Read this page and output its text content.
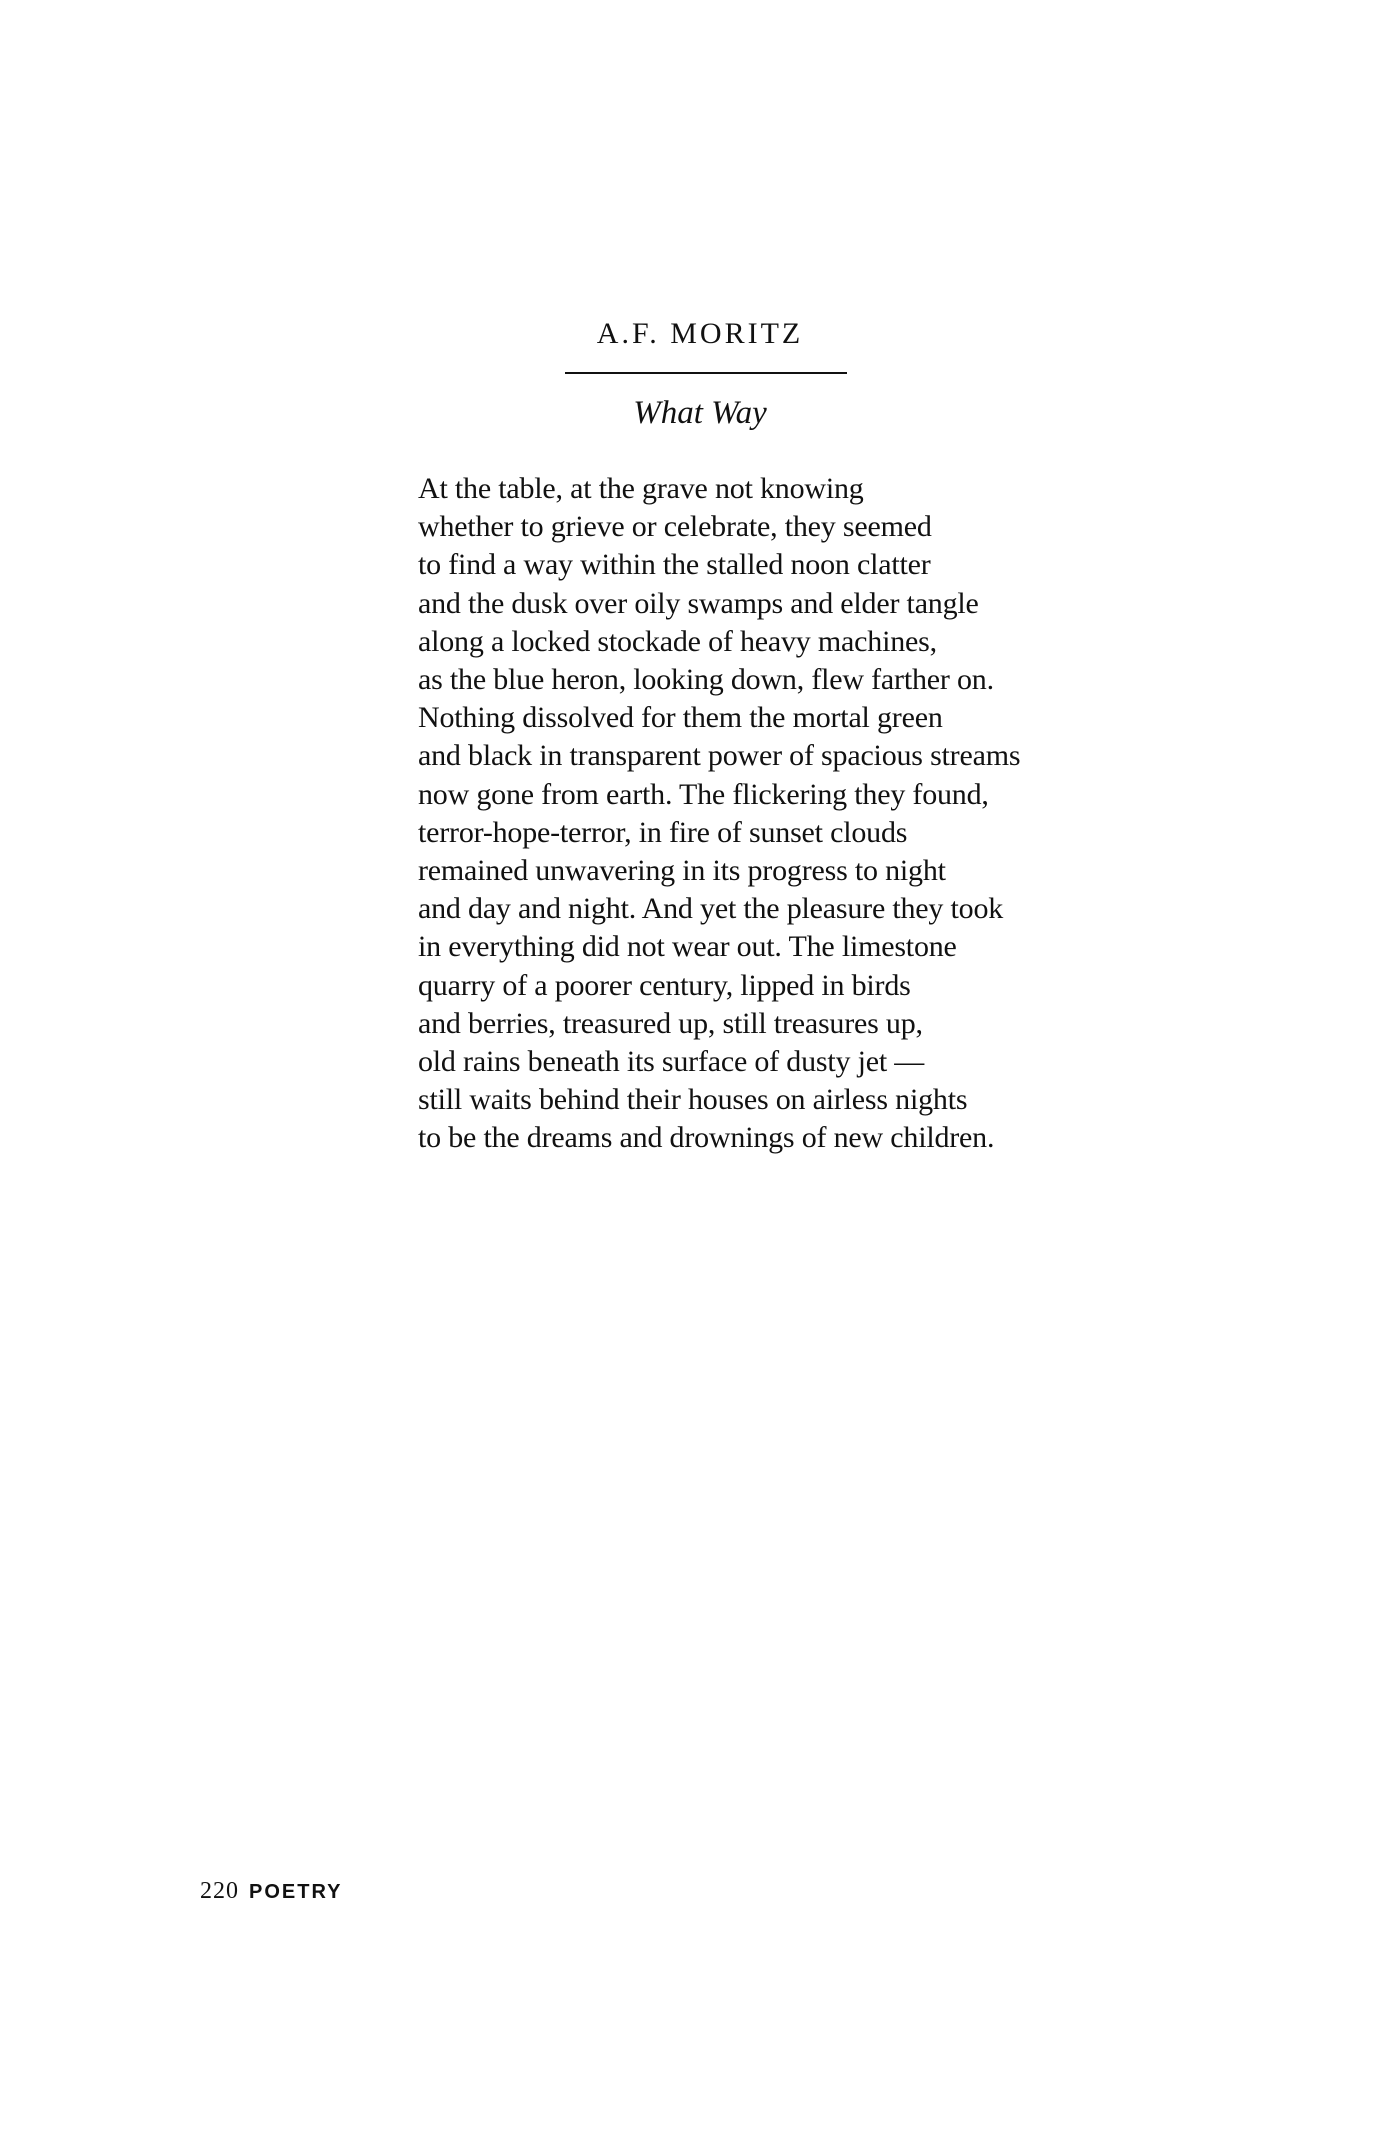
A.F. MORITZ
What Way
At the table, at the grave not knowing
whether to grieve or celebrate, they seemed
to find a way within the stalled noon clatter
and the dusk over oily swamps and elder tangle
along a locked stockade of heavy machines,
as the blue heron, looking down, flew farther on.
Nothing dissolved for them the mortal green
and black in transparent power of spacious streams
now gone from earth. The flickering they found,
terror-hope-terror, in fire of sunset clouds
remained unwavering in its progress to night
and day and night. And yet the pleasure they took
in everything did not wear out. The limestone
quarry of a poorer century, lipped in birds
and berries, treasured up, still treasures up,
old rains beneath its surface of dusty jet —
still waits behind their houses on airless nights
to be the dreams and drownings of new children.
220 POETRY
